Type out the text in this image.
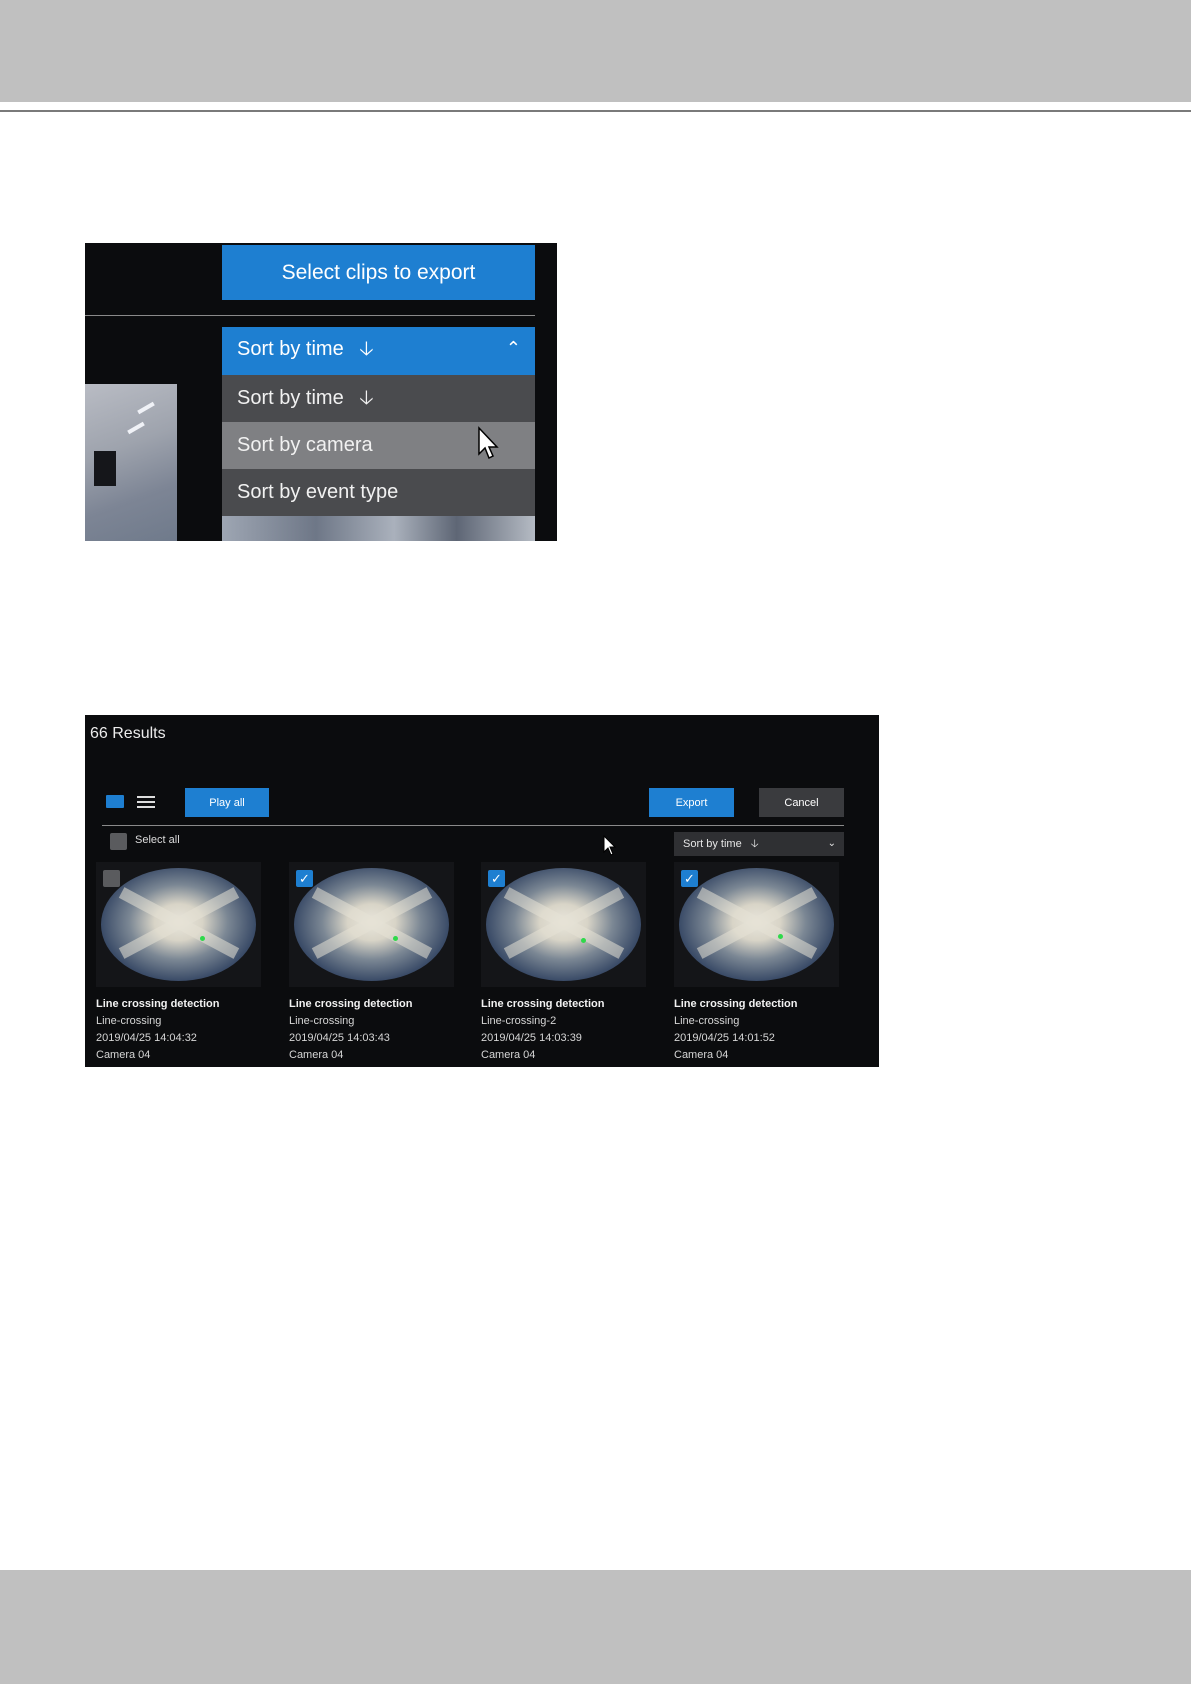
Select clips to export
Sort by time 🡣	⌃
Sort by time 🡣
Sort by camera
Sort by event type
66 Results
Play all	Export	Cancel
Select all	Sort by time 🡣	⌄
Line crossing detection
Line-crossing
2019/04/25 14:04:32
Camera 04
✓
Line crossing detection
Line-crossing
2019/04/25 14:03:43
Camera 04
✓
Line crossing detection
Line-crossing-2
2019/04/25 14:03:39
Camera 04
✓
Line crossing detection
Line-crossing
2019/04/25 14:01:52
Camera 04
